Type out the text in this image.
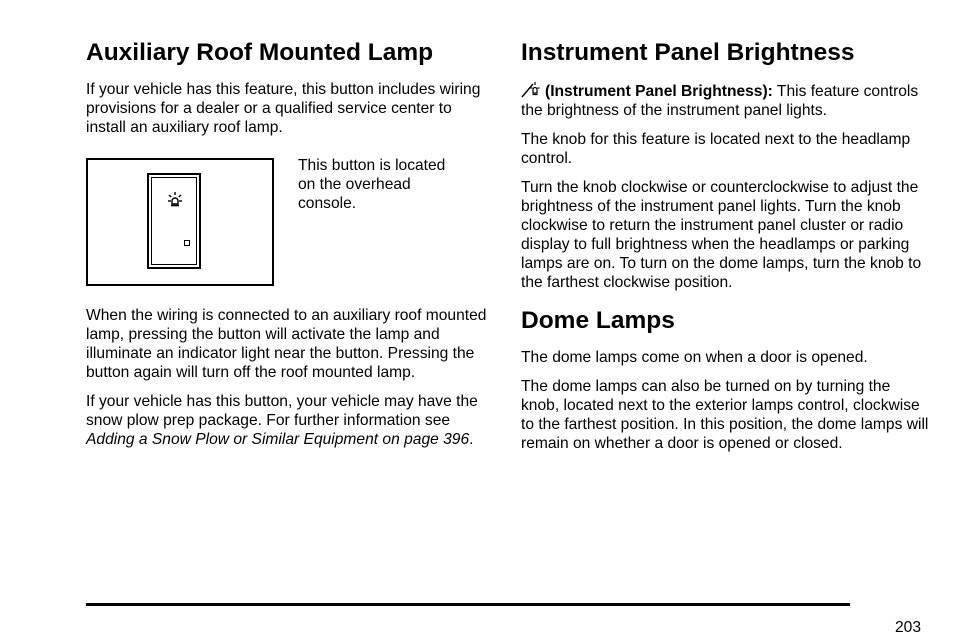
Auxiliary Roof Mounted Lamp

If your vehicle has this feature, this button includes wiring provisions for a dealer or a qualified service center to install an auxiliary roof lamp.

This button is located on the overhead console.

When the wiring is connected to an auxiliary roof mounted lamp, pressing the button will activate the lamp and illuminate an indicator light near the button. Pressing the button again will turn off the roof mounted lamp.

If your vehicle has this button, your vehicle may have the snow plow prep package. For further information see Adding a Snow Plow or Similar Equipment on page 396.

Instrument Panel Brightness

(Instrument Panel Brightness): This feature controls the brightness of the instrument panel lights.

The knob for this feature is located next to the headlamp control.

Turn the knob clockwise or counterclockwise to adjust the brightness of the instrument panel lights. Turn the knob clockwise to return the instrument panel cluster or radio display to full brightness when the headlamps or parking lamps are on. To turn on the dome lamps, turn the knob to the farthest clockwise position.

Dome Lamps

The dome lamps come on when a door is opened.

The dome lamps can also be turned on by turning the knob, located next to the exterior lamps control, clockwise to the farthest position. In this position, the dome lamps will remain on whether a door is opened or closed.

203
